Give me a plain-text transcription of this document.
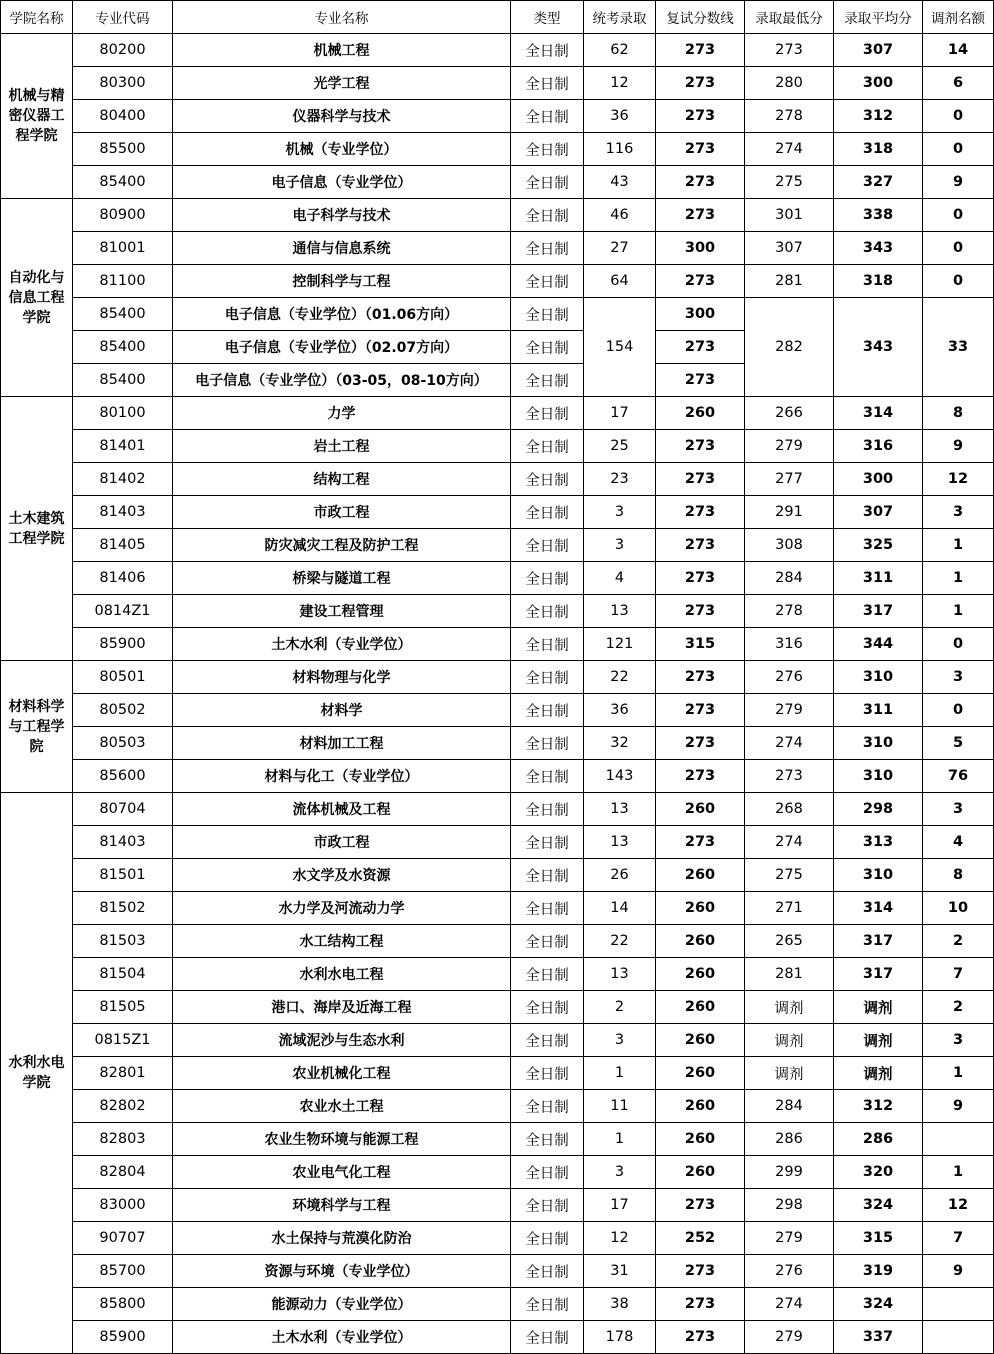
学院名称	专业代码	专业名称	类型	统考录取	复试分数线	录取最低分	录取平均分	调剂名额
机械与精密仪器工程学院	80200	机械工程	全日制	62	273	273	307	14
	80300	光学工程	全日制	12	273	280	300	6
	80400	仪器科学与技术	全日制	36	273	278	312	0
	85500	机械（专业学位）	全日制	116	273	274	318	0
	85400	电子信息（专业学位）	全日制	43	273	275	327	9
自动化与信息工程学院	80900	电子科学与技术	全日制	46	273	301	338	0
	81001	通信与信息系统	全日制	27	300	307	343	0
	81100	控制科学与工程	全日制	64	273	281	318	0
	85400	电子信息（专业学位）（01.06方向）	全日制	154	300	282	343	33
	85400	电子信息（专业学位）（02.07方向）	全日制		273			
	85400	电子信息（专业学位）（03-05，08-10方向）	全日制		273			
土木建筑工程学院	80100	力学	全日制	17	260	266	314	8
	81401	岩土工程	全日制	25	273	279	316	9
	81402	结构工程	全日制	23	273	277	300	12
	81403	市政工程	全日制	3	273	291	307	3
	81405	防灾减灾工程及防护工程	全日制	3	273	308	325	1
	81406	桥梁与隧道工程	全日制	4	273	284	311	1
	0814Z1	建设工程管理	全日制	13	273	278	317	1
	85900	土木水利（专业学位）	全日制	121	315	316	344	0
材料科学与工程学院	80501	材料物理与化学	全日制	22	273	276	310	3
	80502	材料学	全日制	36	273	279	311	0
	80503	材料加工工程	全日制	32	273	274	310	5
	85600	材料与化工（专业学位）	全日制	143	273	273	310	76
水利水电学院	80704	流体机械及工程	全日制	13	260	268	298	3
	81403	市政工程	全日制	13	273	274	313	4
	81501	水文学及水资源	全日制	26	260	275	310	8
	81502	水力学及河流动力学	全日制	14	260	271	314	10
	81503	水工结构工程	全日制	22	260	265	317	2
	81504	水利水电工程	全日制	13	260	281	317	7
	81505	港口、海岸及近海工程	全日制	2	260	调剂	调剂	2
	0815Z1	流域泥沙与生态水利	全日制	3	260	调剂	调剂	3
	82801	农业机械化工程	全日制	1	260	调剂	调剂	1
	82802	农业水土工程	全日制	11	260	284	312	9
	82803	农业生物环境与能源工程	全日制	1	260	286	286	
	82804	农业电气化工程	全日制	3	260	299	320	1
	83000	环境科学与工程	全日制	17	273	298	324	12
	90707	水土保持与荒漠化防治	全日制	12	252	279	315	7
	85700	资源与环境（专业学位）	全日制	31	273	276	319	9
	85800	能源动力（专业学位）	全日制	38	273	274	324	
	85900	土木水利（专业学位）	全日制	178	273	279	337	
